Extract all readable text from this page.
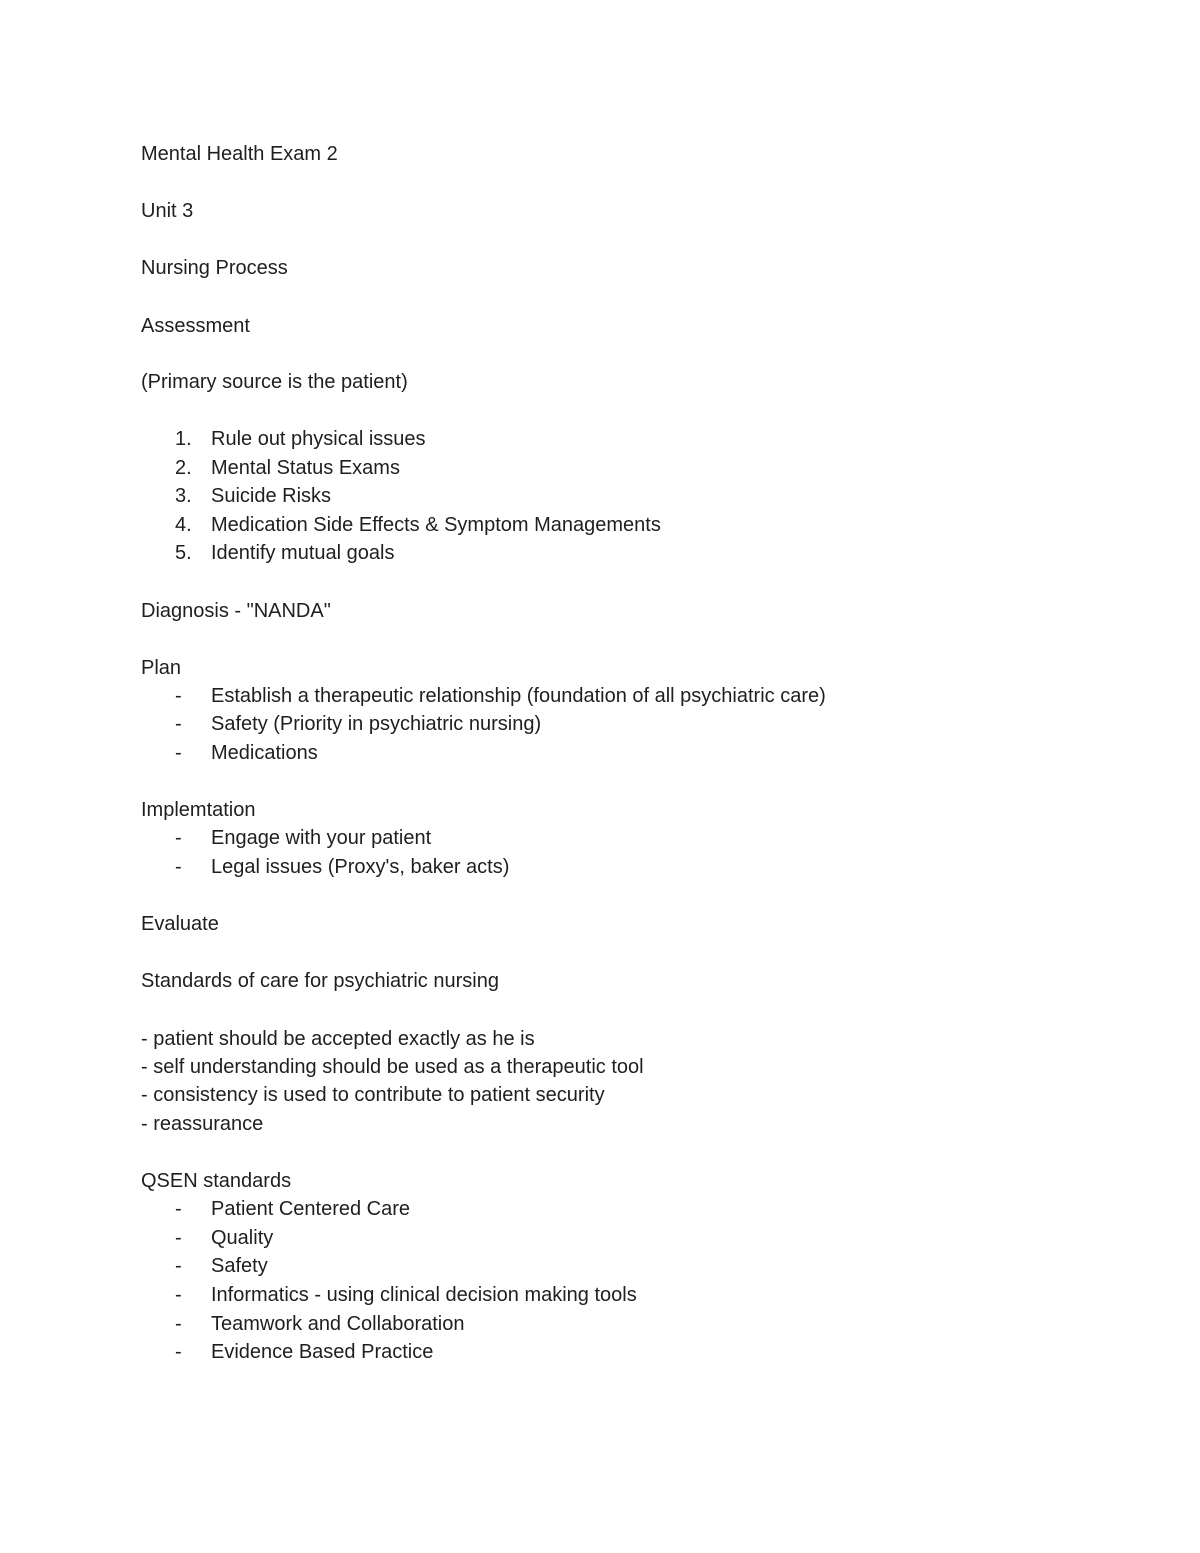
Mental Health Exam 2
Unit 3
Nursing Process
Assessment
(Primary source is the patient)
1. Rule out physical issues
2. Mental Status Exams
3. Suicide Risks
4. Medication Side Effects & Symptom Managements
5. Identify mutual goals
Diagnosis - "NANDA"
Plan
-	Establish a therapeutic relationship (foundation of all psychiatric care)
-	Safety (Priority in psychiatric nursing)
-	Medications
Implemtation
-	Engage with your patient
-	Legal issues (Proxy's, baker acts)
Evaluate
Standards of care for psychiatric nursing
- patient should be accepted exactly as he is
- self understanding should be used as a therapeutic tool
- consistency is used to contribute to patient security
- reassurance
QSEN standards
-	Patient Centered Care
-	Quality
-	Safety
-	Informatics - using clinical decision making tools
-	Teamwork and Collaboration
-	Evidence Based Practice
